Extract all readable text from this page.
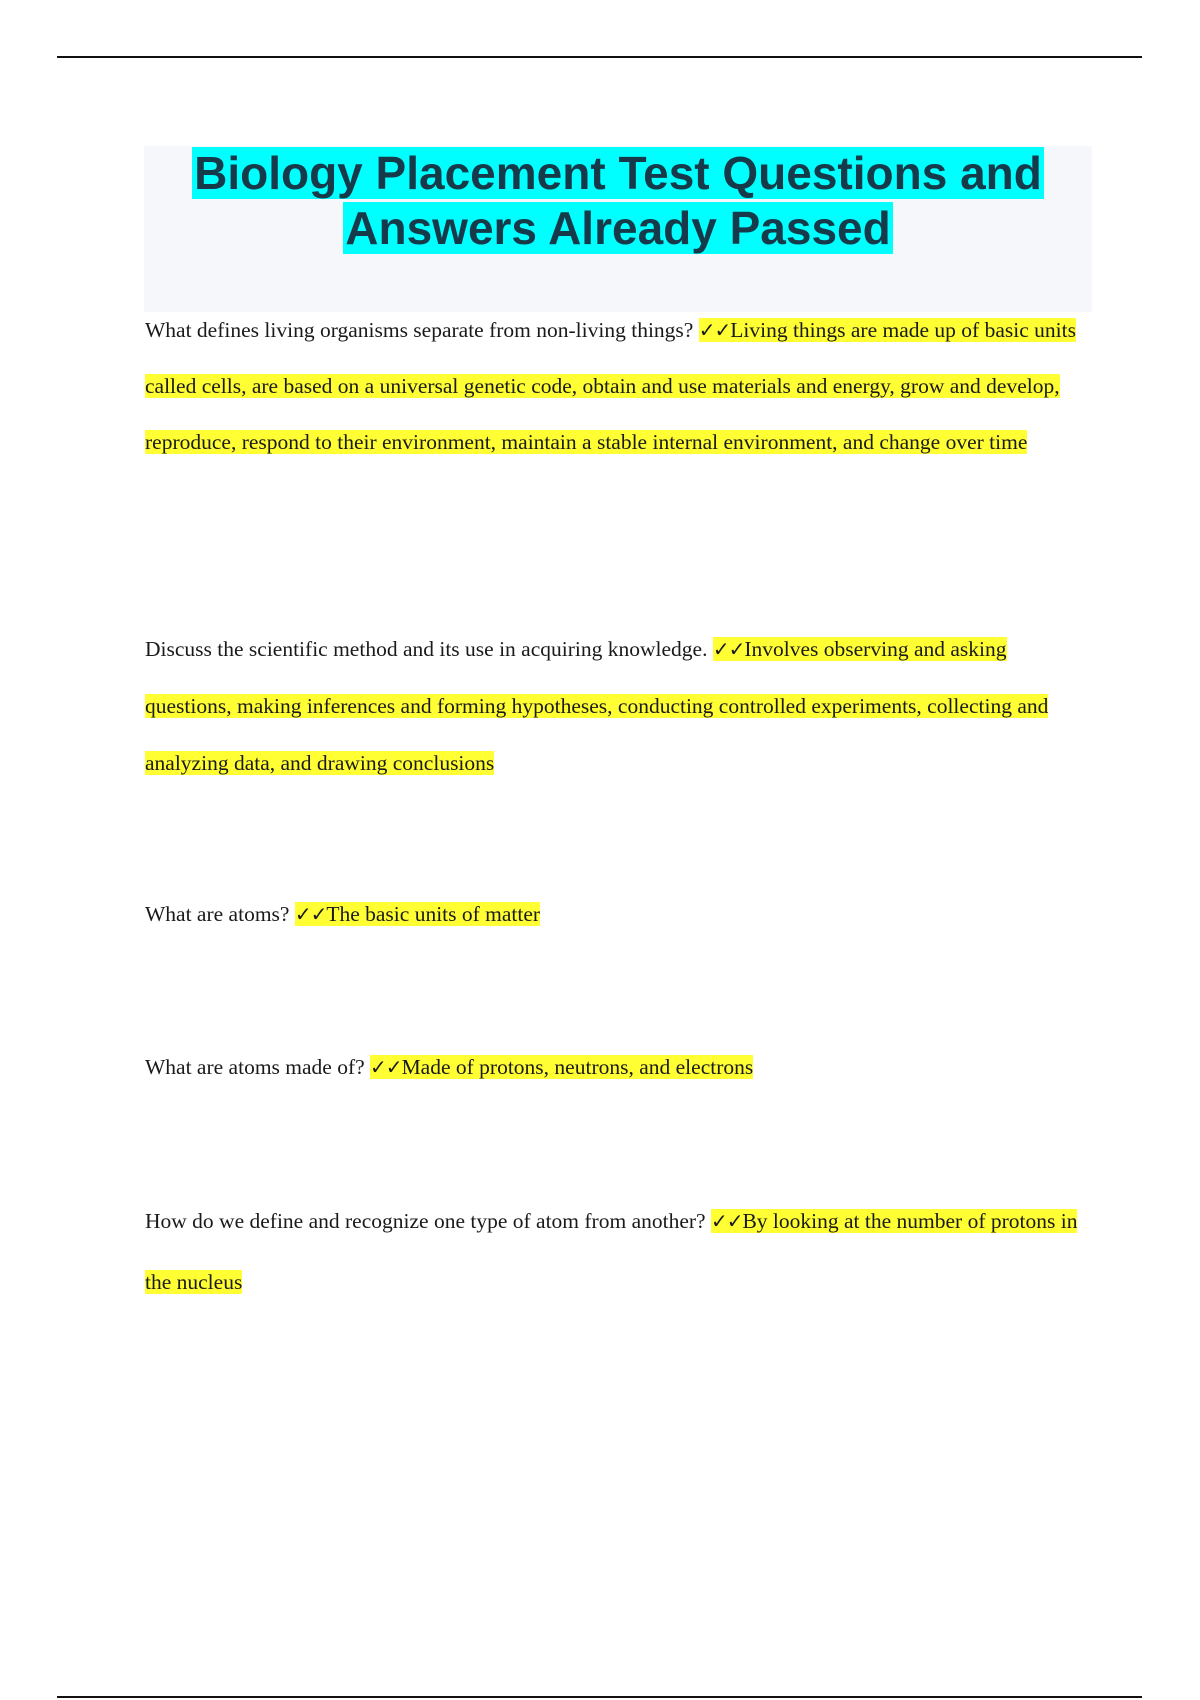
Biology Placement Test Questions and
Answers Already Passed

What defines living organisms separate from non-living things? ✓✓Living things are made up of basic units called cells, are based on a universal genetic code, obtain and use materials and energy, grow and develop, reproduce, respond to their environment, maintain a stable internal environment, and change over time

Discuss the scientific method and its use in acquiring knowledge. ✓✓Involves observing and asking questions, making inferences and forming hypotheses, conducting controlled experiments, collecting and analyzing data, and drawing conclusions

What are atoms? ✓✓The basic units of matter

What are atoms made of? ✓✓Made of protons, neutrons, and electrons

How do we define and recognize one type of atom from another? ✓✓By looking at the number of protons in the nucleus
